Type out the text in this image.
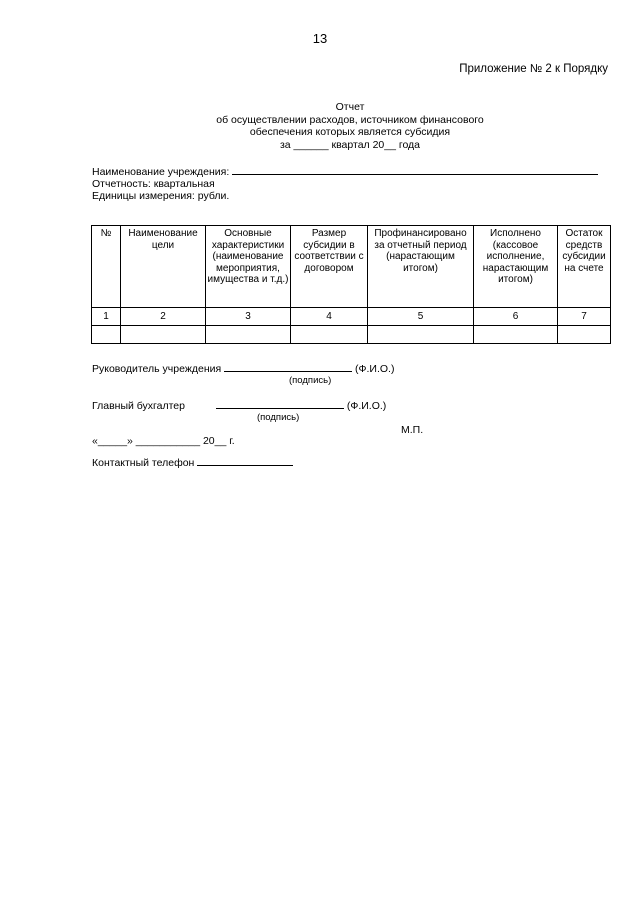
13
Приложение № 2 к Порядку
Отчет
об осуществлении расходов, источником финансового
обеспечения которых является субсидия
за ______ квартал 20__ года
Наименование учреждения:
Отчетность: квартальная
Единицы измерения: рубли.
№	Наименование цели	Основные характеристики (наименование мероприятия, имущества и т.д.)	Размер субсидии в соответствии с договором	Профинансировано за отчетный период (нарастающим итогом)	Исполнено (кассовое исполнение, нарастающим итогом)	Остаток средств субсидии на счете
1	2	3	4	5	6	7

Руководитель учреждения	(Ф.И.О.)
(подпись)
Главный бухгалтер	(Ф.И.О.)
(подпись)
М.П.
«_____» ___________ 20__ г.
Контактный телефон
